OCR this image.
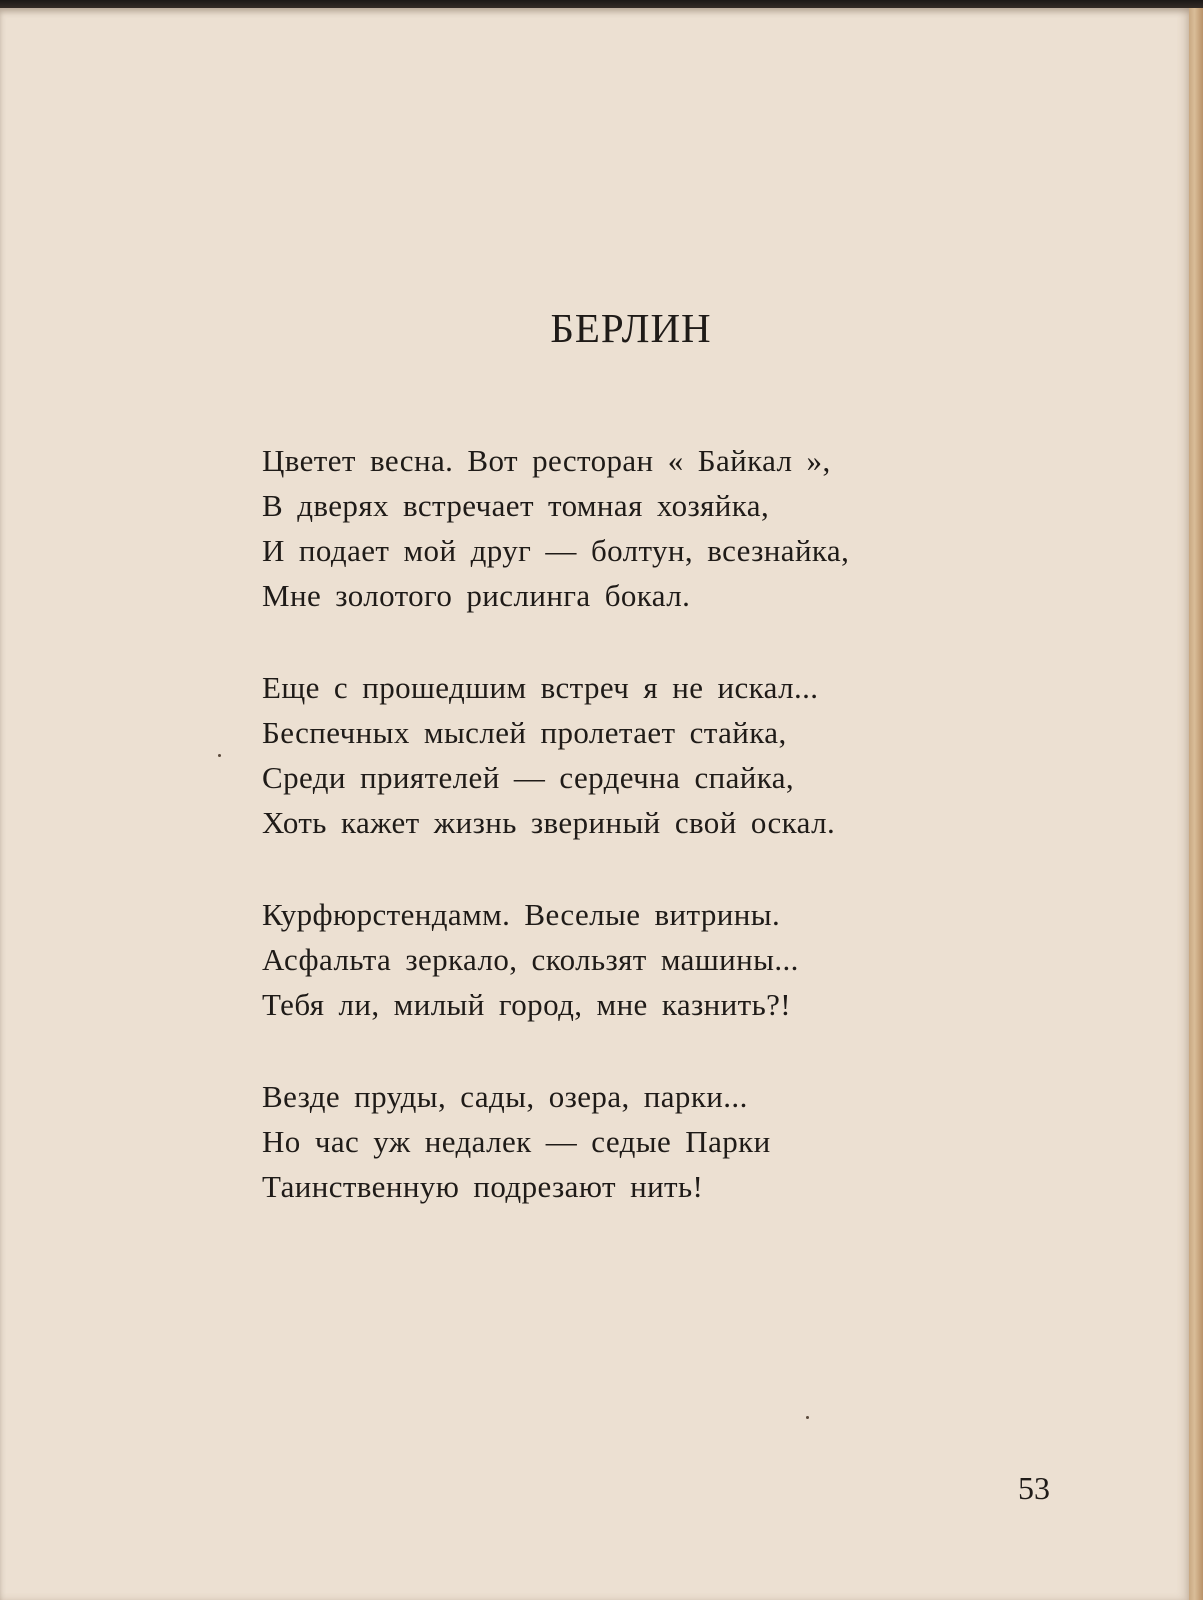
БЕРЛИН
Цветет весна. Вот ресторан « Байкал »,
В дверях встречает томная хозяйка,
И подает мой друг — болтун, всезнайка,
Мне золотого рислинга бокал.
Еще с прошедшим встреч я не искал...
Беспечных мыслей пролетает стайка,
Среди приятелей — сердечна спайка,
Хоть кажет жизнь звериный свой оскал.
Курфюрстендамм. Веселые витрины.
Асфальта зеркало, скользят машины...
Тебя ли, милый город, мне казнить?!
Везде пруды, сады, озера, парки...
Но час уж недалек — седые Парки
Таинственную подрезают нить!
53
